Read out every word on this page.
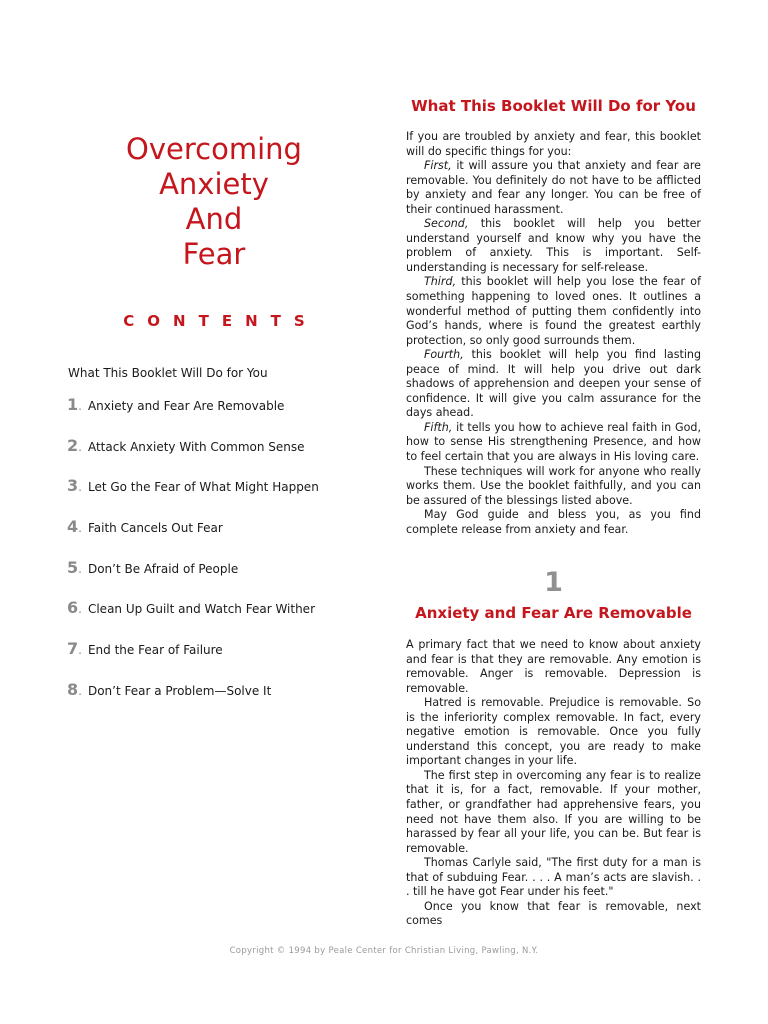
Overcoming
Anxiety
And
Fear
CONTENTS

What This Booklet Will Do for You

1 . Anxiety and Fear Are Removable
2 . Attack Anxiety With Common Sense
3 . Let Go the Fear of What Might Happen
4 . Faith Cancels Out Fear
5 . Don’t Be Afraid of People
6 . Clean Up Guilt and Watch Fear Wither
7 . End the Fear of Failure
8 . Don’t Fear a Problem—Solve It
What This Booklet Will Do for You

If you are troubled by anxiety and fear, this booklet will do specific things for you:

First, it will assure you that anxiety and fear are removable. You definitely do not have to be afflicted by anxiety and fear any longer. You can be free of their continued harassment.

Second, this booklet will help you better understand yourself and know why you have the problem of anxiety. This is important. Self-understanding is necessary for self-release.

Third, this booklet will help you lose the fear of something happening to loved ones. It outlines a wonderful method of putting them confidently into God’s hands, where is found the greatest earthly protection, so only good surrounds them.

Fourth, this booklet will help you find lasting peace of mind. It will help you drive out dark shadows of apprehension and deepen your sense of confidence. It will give you calm assurance for the days ahead.

Fifth, it tells you how to achieve real faith in God, how to sense His strengthening Presence, and how to feel certain that you are always in His loving care.

These techniques will work for anyone who really works them. Use the booklet faithfully, and you can be assured of the blessings listed above.

May God guide and bless you, as you find complete release from anxiety and fear.

1
Anxiety and Fear Are Removable

A primary fact that we need to know about anxiety and fear is that they are removable. Any emotion is removable. Anger is removable. Depression is removable.

Hatred is removable. Prejudice is removable. So is the inferiority complex removable. In fact, every negative emotion is removable. Once you fully understand this concept, you are ready to make important changes in your life.

The first step in overcoming any fear is to realize that it is, for a fact, removable. If your mother, father, or grandfather had apprehensive fears, you need not have them also. If you are willing to be harassed by fear all your life, you can be. But fear is removable.

Thomas Carlyle said, "The first duty for a man is that of subduing Fear. . . . A man’s acts are slavish. . . till he have got Fear under his feet."

Once you know that fear is removable, next comes

Copyright © 1994 by Peale Center for Christian Living, Pawling, N.Y.
